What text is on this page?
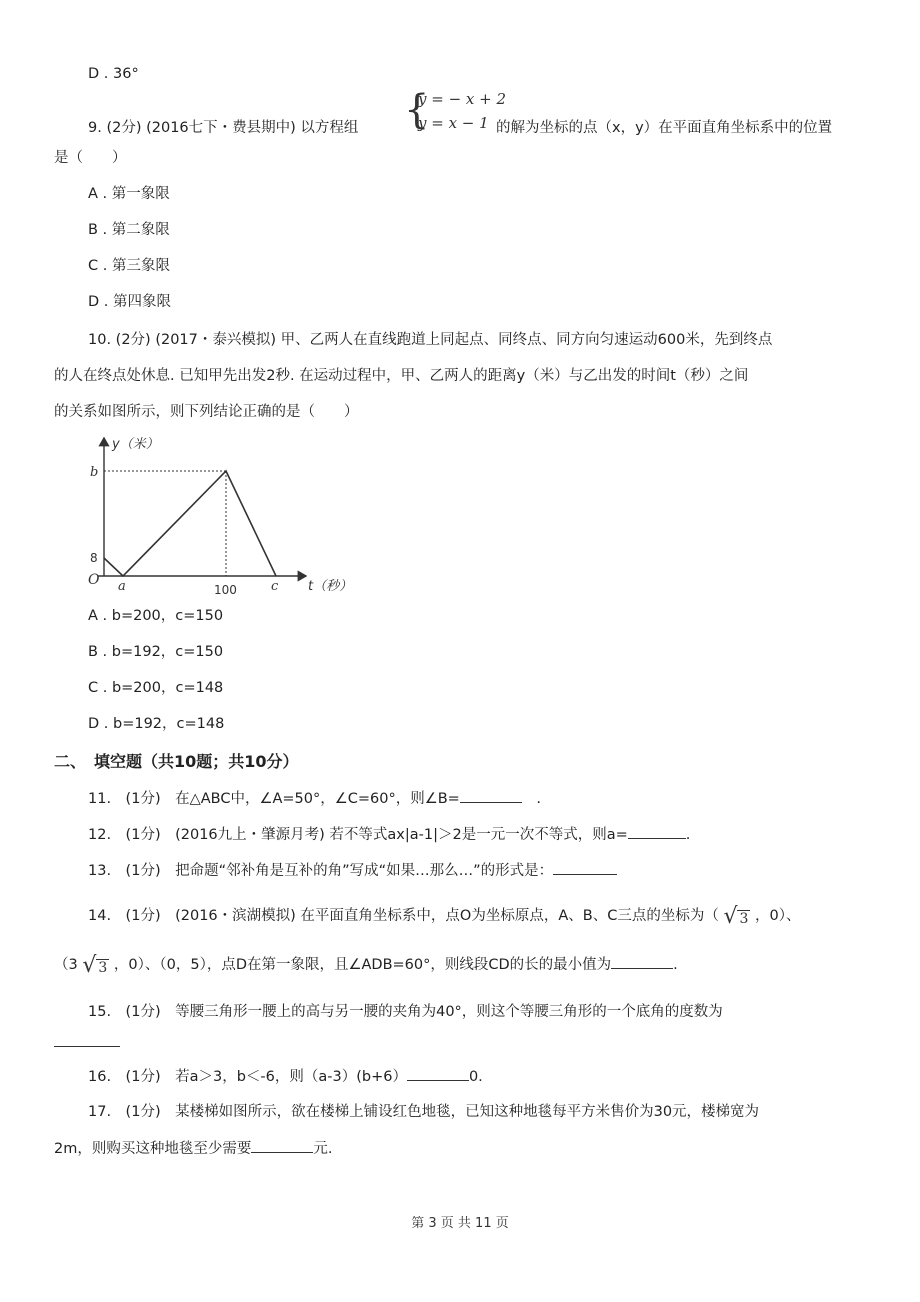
D . 36°
9. (2分) (2016七下・费县期中) 以方程组 {
y = − x + 2
y = x − 1 的解为坐标的点（x，y）在平面直角坐标系中的位置
是（　　）
A . 第一象限
B . 第二象限
C . 第三象限
D . 第四象限
10. (2分) (2017・泰兴模拟) 甲、乙两人在直线跑道上同起点、同终点、同方向匀速运动600米，先到终点
的人在终点处休息. 已知甲先出发2秒. 在运动过程中，甲、乙两人的距离y（米）与乙出发的时间t（秒）之间
的关系如图所示，则下列结论正确的是（　　）
y（米）
b
8
O a	100	c t（秒）
A . b=200，c=150
B . b=192，c=150
C . b=200，c=148
D . b=192，c=148
二、　填空题（共10题；共10分）
11.　(1分)　在△ABC中，∠A=50°，∠C=60°，则∠B=　	.
12.　(1分)　(2016九上・肇源月考) 若不等式ax|a-1|＞2是一元一次不等式，则a=	.
13.　(1分)　把命题“邻补角是互补的角”写成“如果…那么…”的形式是：
14.　(1分)　(2016・滨湖模拟) 在平面直角坐标系中，点O为坐标原点，A、B、C三点的坐标为（ √ 3 ，0）、
（3 √ 3 ，0）、（0，5），点D在第一象限，且∠ADB=60°，则线段CD的长的最小值为	.
15.　(1分)　等腰三角形一腰上的高与另一腰的夹角为40°，则这个等腰三角形的一个底角的度数为
16.　(1分)　若a＞3，b＜-6，则（a-3）(b+6）	0.
17.　(1分)　某楼梯如图所示，欲在楼梯上铺设红色地毯，已知这种地毯每平方米售价为30元，楼梯宽为
2m，则购买这种地毯至少需要	元.
第 3 页 共 11 页
